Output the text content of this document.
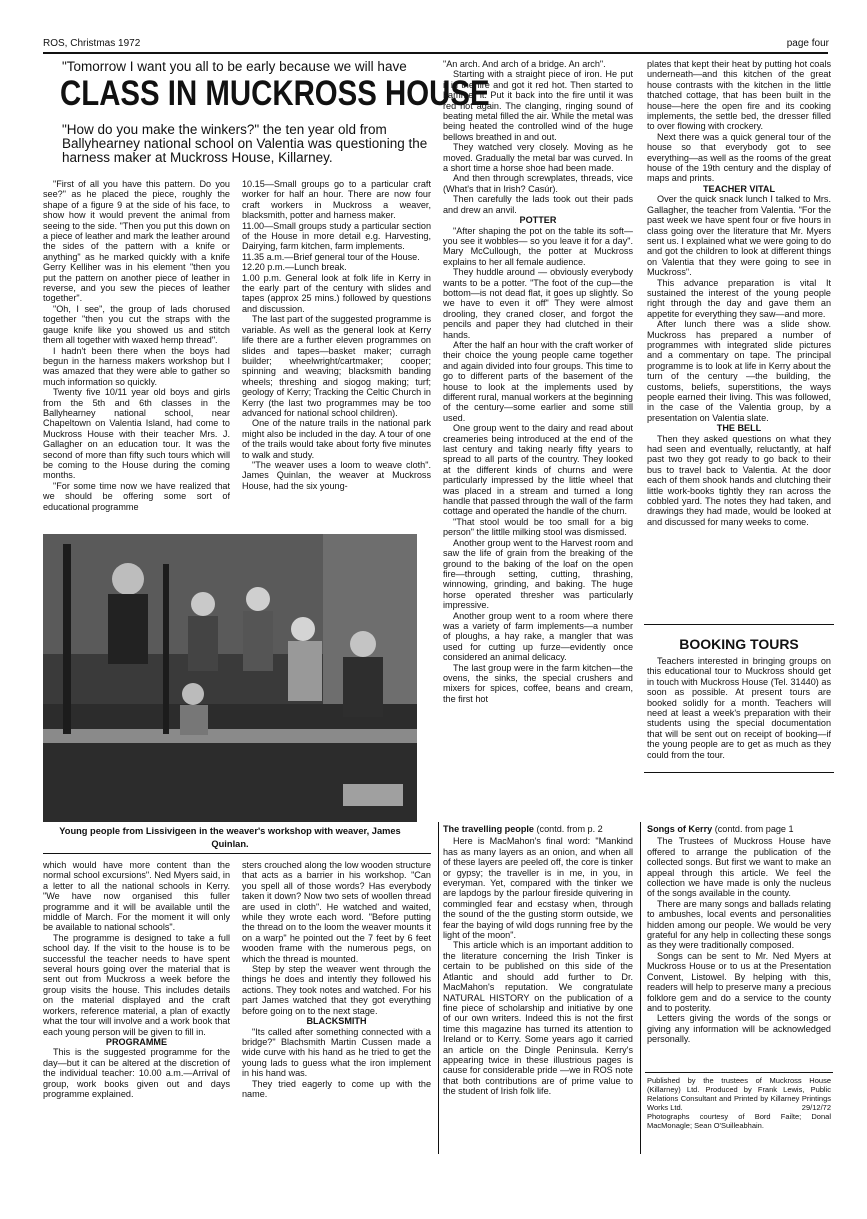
ROS, Christmas 1972	page four
"Tomorrow I want you all to be early because we will have
CLASS IN MUCKROSS HOUSE
"How do you make the winkers?" the ten year old from Ballyhearney national school on Valentia was questioning the harness maker at Muckross House, Killarney.

"First of all you have this pattern. Do you see?" as he placed the piece, roughly the shape of a figure 9 at the side of his face, to show how it would prevent the animal from seeing to the side. "Then you put this down on a piece of leather and mark the leather around the sides of the pattern with a knife or anything" as he marked quickly with a knife Gerry Kelliher was in his element "then you put the pattern on another piece of leather in reverse, and you sew the pieces of leather together".

"Oh, I see", the group of lads chorused together "then you cut the straps with the gauge knife like you showed us and stitch them all together with waxed hemp thread".

I hadn't been there when the boys had begun in the harness makers workshop but I was amazed that they were able to gather so much information so quickly.

Twenty five 10/11 year old boys and girls from the 5th and 6th classes in the Ballyhearney national school, near Chapeltown on Valentia Island, had come to Muckross House with their teacher Mrs. J. Gallagher on an education tour. It was the second of more than fifty such tours which will be coming to the House during the coming months.

"For some time now we have realized that we should be offering some sort of educational programme

10.15—Small groups go to a particular craft worker for half an hour. There are now four craft workers in Muckross a weaver, blacksmith, potter and harness maker.

11.00—Small groups study a particular section of the House in more detail e.g. Harvesting, Dairying, farm kitchen, farm implements.

11.35 a.m.—Brief general tour of the House.

12.20 p.m.—Lunch break.

1.00 p.m. General look at folk life in Kerry in the early part of the century with slides and tapes (approx 25 mins.) followed by questions and discussion.

The last part of the suggested programme is variable. As well as the general look at Kerry life there are a further eleven programmes on slides and tapes—basket maker; curragh builder; wheelwright/cartmaker; cooper; spinning and weaving; blacksmith banding wheels; threshing and siogog making; turf; geology of Kerry; Tracking the Celtic Church in Kerry (the last two programmes may be too advanced for national school children).

One of the nature trails in the national park might also be included in the day. A tour of one of the trails would take about forty five minutes to walk and study.

"The weaver uses a loom to weave cloth". James Quinlan, the weaver at Muckross House, had the six young-

Young people from Lissivigeen in the weaver's workshop with weaver, James Quinlan.

"An arch. And arch of a bridge. An arch".

Starting with a straight piece of iron. He put it in the fire and got it red hot. Then started to hammer it. Put it back into the fire until it was red hot again. The clanging, ringing sound of beating metal filled the air. While the metal was being heated the controlled wind of the huge bellows breathed in and out.

They watched very closely. Moving as he moved. Gradually the metal bar was curved. In a short time a horse shoe had been made.

And then through screwplates, threads, vice (What's that in Irish? Casúr).

Then carefully the lads took out their pads and drew an anvil.

POTTER

"After shaping the pot on the table its soft—you see it wobbles— so you leave it for a day". Mary McCullough, the potter at Muckross explains to her all female audience.

They huddle around — obviously everybody wants to be a potter. "The foot of the cup—the bottom—is not dead flat, it goes up slightly. So we have to even it off" They were almost drooling, they craned closer, and forgot the pencils and paper they had clutched in their hands.

After the half an hour with the craft worker of their choice the young people came together and again divided into four groups. This time to go to different parts of the basement of the house to look at the implements used by different rural, manual workers at the beginning of the century—some earlier and some still used.

One group went to the dairy and read about creameries being introduced at the end of the last century and taking nearly fifty years to spread to all parts of the country. They looked at the different kinds of churns and were particularly impressed by the little wheel that was placed in a stream and turned a long handle that passed through the wall of the farm cottage and operated the handle of the churn.

"That stool would be too small for a big person" the littlle milking stool was dismissed.

Another group went to the Harvest room and saw the life of grain from the breaking of the ground to the baking of the loaf on the open fire—through setting, cutting, thrashing, winnowing, grinding, and baking. The huge horse operated thresher was particularly impressive.

Another group went to a room where there was a variety of farm implements—a number of ploughs, a hay rake, a mangler that was used for cutting up furze—evidently once considered an animal delicacy.

The last group were in the farm kitchen—the ovens, the sinks, the special crushers and mixers for spices, coffee, beans and cream, the first hot

plates that kept their heat by putting hot coals underneath—and this kitchen of the great house contrasts with the kitchen in the little thatched cottage, that has been built in the house—here the open fire and its cooking implements, the settle bed, the dresser filled to over flowing with crockery.

Next there was a quick general tour of the house so that everybody got to see everything—as well as the rooms of the great house of the 19th century and the display of maps and prints.

TEACHER VITAL

Over the quick snack lunch I talked to Mrs. Gallagher, the teacher from Valentia. "For the past week we have spent four or five hours in class going over the literature that Mr. Myers sent us. I explained what we were going to do and got the children to look at different things on Valentia that they were going to see in Muckross".

This advance preparation is vital It sustained the interest of the young people right through the day and gave them an appetite for everything they saw—and more.

After lunch there was a slide show. Muckross has prepared a number of programmes with integrated slide pictures and a commentary on tape. The principal programme is to look at life in Kerry about the turn of the century —the building, the customs, beliefs, superstitions, the ways people earned their living. This was followed, in the case of the Valentia group, by a presentation on Valentia slate.

THE BELL

Then they asked questions on what they had seen and eventually, reluctantly, at half past two they got ready to go back to their bus to travel back to Valentia. At the door each of them shook hands and clutching their little work-books tightly they ran across the cobbled yard. The notes they had taken, and drawings they had made, would be looked at and discussed for many weeks to come.

BOOKING TOURS

Teachers interested in bringing groups on this educational tour to Muckross should get in touch with Muckross House (Tel. 31440) as soon as possible. At present tours are booked solidly for a month. Teachers will need at least a week's preparation with their students using the special documentation that will be sent out on receipt of booking—if the young people are to get as much as they could from the tour.

which would have more content than the normal school excursions". Ned Myers said, in a letter to all the national schools in Kerry. "We have now organised this fuller programme and it will be available until the middle of March. For the moment it will only be available to national schools".

The programme is designed to take a full school day. If the visit to the house is to be successful the teacher needs to have spent several hours going over the material that is sent out from Muckross a week before the group visits the house. This includes details on the material displayed and the craft workers, reference material, a plan of exactly what the tour will involve and a work book that each young person will be given to fill in.

PROGRAMME

This is the suggested programme for the day—but it can be altered at the discretion of the individual teacher: 10.00 a.m.—Arrival of group, work books given out and days programme explained.

sters crouched along the low wooden structure that acts as a barrier in his workshop. "Can you spell all of those words? Has everybody taken it down? Now two sets of woollen thread are used in cloth". He watched and waited, while they wrote each word. "Before putting the thread on to the loom the weaver mounts it on a warp" he pointed out the 7 feet by 6 feet wooden frame with the numerous pegs, on which the thread is mounted.

Step by step the weaver went through the things he does and intently they followed his actions. They took notes and watched. For his part James watched that they got everything before going on to the next stage.

BLACKSMITH

"Its called after something connected with a bridge?" Blachsmith Martin Cussen made a wide curve with his hand as he tried to get the young lads to guess what the iron implement in his hand was.

They tried eagerly to come up with the name.

The travelling people (contd. from p. 2

Here is MacMahon's final word: "Mankind has as many layers as an onion, and when all of these layers are peeled off, the core is tinker or gypsy; the traveller is in me, in you, in everyman. Yet, compared with the tinker we are lapdogs by the parlour fireside quivering in commingled fear and ecstasy when, through the sound of the the gusting storm outside, we fear the baying of wild dogs running free by the light of the moon".

This article which is an important addition to the literature concerning the Irish Tinker is certain to be published on this side of the Atlantic and should add further to Dr. MacMahon's reputation. We congratulate NATURAL HISTORY on the publication of a fine piece of scholarship and initiative by one of our own writers. Indeed this is not the first time this magazine has turned its attention to Ireland or to Kerry. Some years ago it carried an article on the Dingle Peninsula. Kerry's appearing twice in these illustrious pages is cause for considerable pride —we in ROS note that both contributions are of prime value to the student of Irish folk life.

Songs of Kerry (contd. from page 1

The Trustees of Muckross House have offered to arrange the publication of the collected songs. But first we want to make an appeal through this article. We feel the collection we have made is only the nucleus of the songs available in the county.

There are many songs and ballads relating to ambushes, local events and personalities hidden among our people. We would be very grateful for any help in collecting these songs as they were traditionally composed.

Songs can be sent to Mr. Ned Myers at Muckross House or to us at the Presentation Convent, Listowel. By helping with this, readers will help to preserve many a precious folklore gem and do a service to the county and to posterity.

Letters giving the words of the songs or giving any information will be acknowledged personally.

Published by the trustees of Muckross House (Killarney) Ltd. Produced by Frank Lewis, Public Relations Consultant and Printed by Killarney Printings Works Ltd.	29/12/72
Photographs courtesy of Bord Failte; Donal MacMonagle; Sean O'Suilleabhain.
